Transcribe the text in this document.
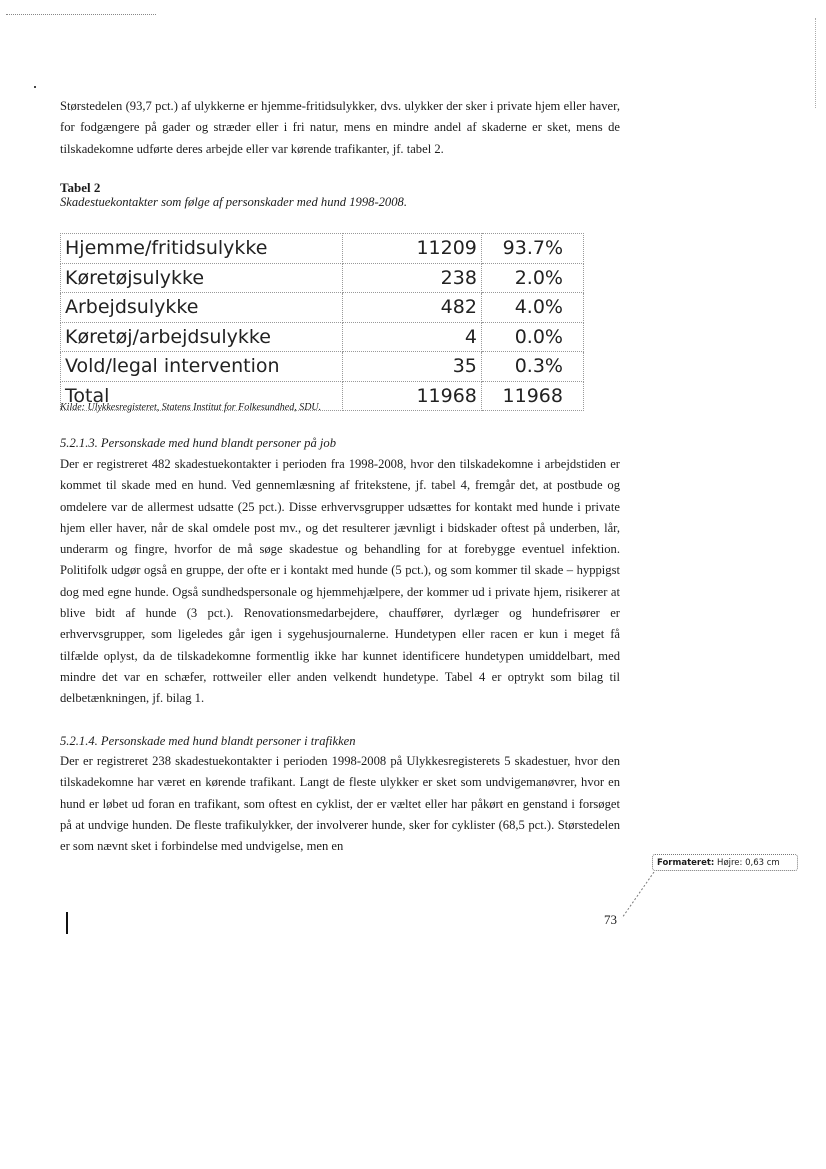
Størstedelen (93,7 pct.) af ulykkerne er hjemme-fritidsulykker, dvs. ulykker der sker i private hjem eller haver, for fodgængere på gader og stræder eller i fri natur, mens en mindre andel af skaderne er sket, mens de tilskadekomne udførte deres arbejde eller var kørende trafikanter, jf. tabel 2.

Tabel 2
Skadestuekontakter som følge af personskader med hund 1998-2008.
Hjemme/fritidsulykke	11209	93.7%
Køretøjsulykke	238	2.0%
Arbejdsulykke	482	4.0%
Køretøj/arbejdsulykke	4	0.0%
Vold/legal intervention	35	0.3%
Total	11968	11968
Kilde: Ulykkesregisteret, Statens Institut for Folkesundhed, SDU.
5.2.1.3. Personskade med hund blandt personer på job

Der er registreret 482 skadestuekontakter i perioden fra 1998-2008, hvor den tilskadekomne i arbejdstiden er kommet til skade med en hund. Ved gennemlæsning af fritekstene, jf. tabel 4, fremgår det, at postbude og omdelere var de allermest udsatte (25 pct.). Disse erhvervsgrupper udsættes for kontakt med hunde i private hjem eller haver, når de skal omdele post mv., og det resulterer jævnligt i bidskader oftest på underben, lår, underarm og fingre, hvorfor de må søge skadestue og behandling for at forebygge eventuel infektion. Politifolk udgør også en gruppe, der ofte er i kontakt med hunde (5 pct.), og som kommer til skade – hyppigst dog med egne hunde. Også sundhedspersonale og hjemmehjælpere, der kommer ud i private hjem, risikerer at blive bidt af hunde (3 pct.). Renovationsmedarbejdere, chauffører, dyrlæger og hundefrisører er erhvervsgrupper, som ligeledes går igen i sygehusjournalerne. Hundetypen eller racen er kun i meget få tilfælde oplyst, da de tilskadekomne formentlig ikke har kunnet identificere hundetypen umiddelbart, med mindre det var en schæfer, rottweiler eller anden velkendt hundetype. Tabel 4 er optrykt som bilag til delbetænkningen, jf. bilag 1.

5.2.1.4. Personskade med hund blandt personer i trafikken

Der er registreret 238 skadestuekontakter i perioden 1998-2008 på Ulykkesregisterets 5 skadestuer, hvor den tilskadekomne har været en kørende trafikant. Langt de fleste ulykker er sket som undvigemanøvrer, hvor en hund er løbet ud foran en trafikant, som oftest en cyklist, der er væltet eller har påkørt en genstand i forsøget på at undvige hunden. De fleste trafikulykker, der involverer hunde, sker for cyklister (68,5 pct.). Størstedelen er som nævnt sket i forbindelse med undvigelse, men en

Formateret: Højre: 0,63 cm
73
